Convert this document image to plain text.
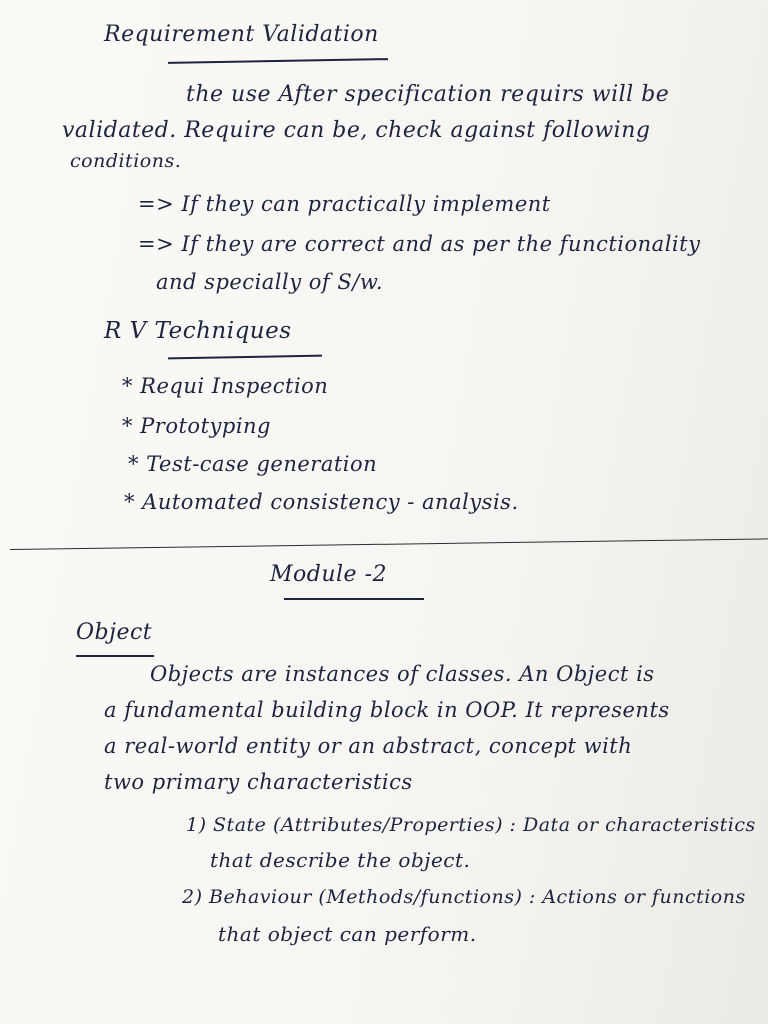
Requirement Validation
the use After specification requirs will be
validated. Require can be, check against following
conditions.
=> If they can practically implement
=> If they are correct and as per the functionality
and specially of S/w.
R V Techniques
* Requi Inspection
* Prototyping
* Test-case generation
* Automated consistency - analysis.
Module -2
Object
Objects are instances of classes. An Object is
a fundamental building block in OOP. It represents
a real-world entity or an abstract, concept with
two primary characteristics
1) State (Attributes/Properties) : Data or characteristics
that describe the object.
2) Behaviour (Methods/functions) : Actions or functions
that object can perform.
